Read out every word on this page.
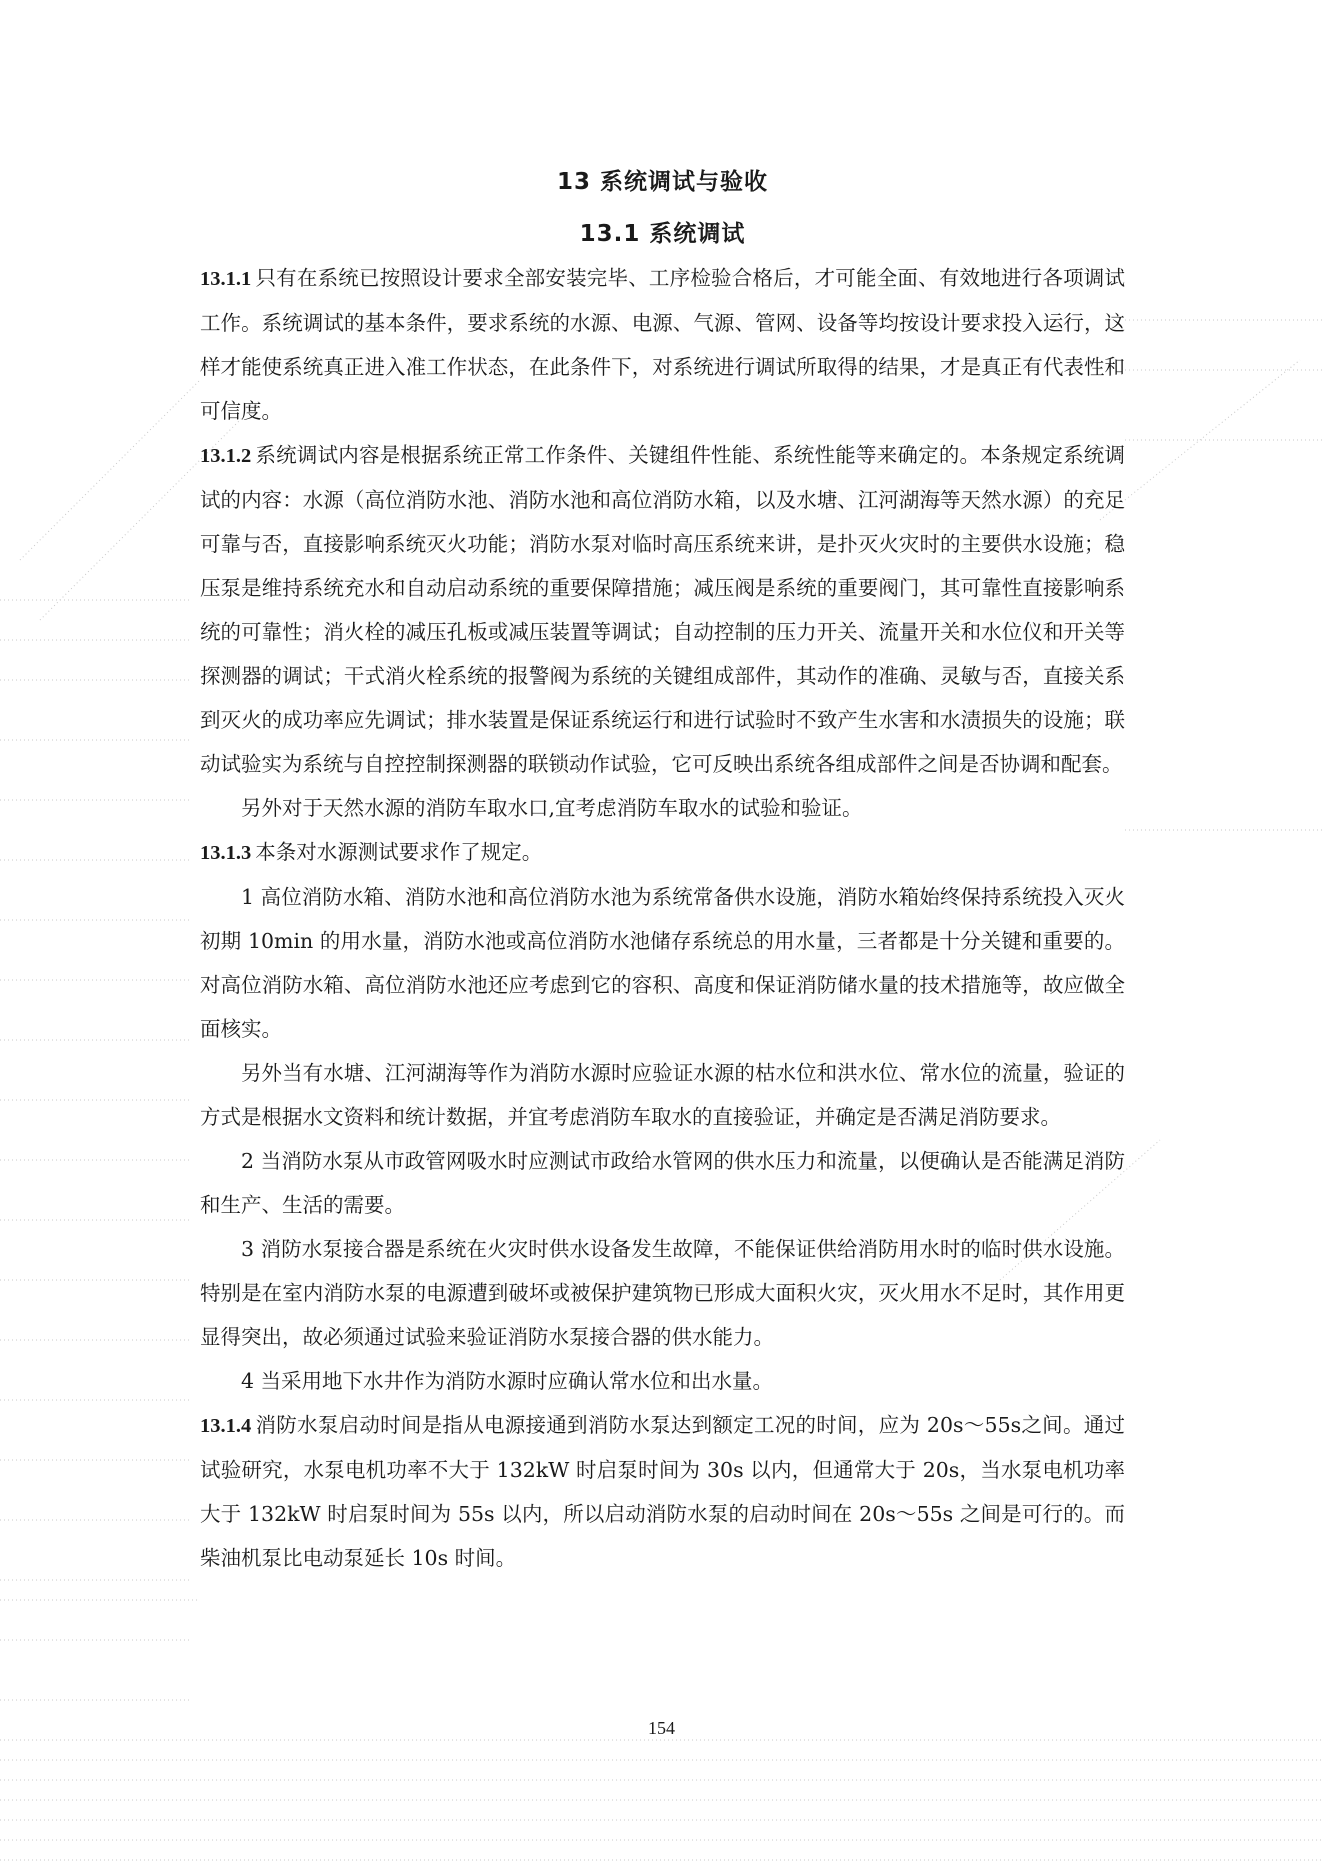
13 系统调试与验收
13.1 系统调试

13.1.1 只有在系统已按照设计要求全部安装完毕、工序检验合格后，才可能全面、有效地进行各项调试工作。系统调试的基本条件，要求系统的水源、电源、气源、管网、设备等均按设计要求投入运行，这样才能使系统真正进入准工作状态，在此条件下，对系统进行调试所取得的结果，才是真正有代表性和可信度。

13.1.2 系统调试内容是根据系统正常工作条件、关键组件性能、系统性能等来确定的。本条规定系统调试的内容：水源（高位消防水池、消防水池和高位消防水箱，以及水塘、江河湖海等天然水源）的充足可靠与否，直接影响系统灭火功能；消防水泵对临时高压系统来讲，是扑灭火灾时的主要供水设施；稳压泵是维持系统充水和自动启动系统的重要保障措施；减压阀是系统的重要阀门，其可靠性直接影响系统的可靠性；消火栓的减压孔板或减压装置等调试；自动控制的压力开关、流量开关和水位仪和开关等探测器的调试；干式消火栓系统的报警阀为系统的关键组成部件，其动作的准确、灵敏与否，直接关系到灭火的成功率应先调试；排水装置是保证系统运行和进行试验时不致产生水害和水渍损失的设施；联动试验实为系统与自控控制探测器的联锁动作试验，它可反映出系统各组成部件之间是否协调和配套。

另外对于天然水源的消防车取水口,宜考虑消防车取水的试验和验证。

13.1.3 本条对水源测试要求作了规定。

1 高位消防水箱、消防水池和高位消防水池为系统常备供水设施，消防水箱始终保持系统投入灭火初期 10min 的用水量，消防水池或高位消防水池储存系统总的用水量，三者都是十分关键和重要的。对高位消防水箱、高位消防水池还应考虑到它的容积、高度和保证消防储水量的技术措施等，故应做全面核实。

另外当有水塘、江河湖海等作为消防水源时应验证水源的枯水位和洪水位、常水位的流量，验证的方式是根据水文资料和统计数据，并宜考虑消防车取水的直接验证，并确定是否满足消防要求。

2 当消防水泵从市政管网吸水时应测试市政给水管网的供水压力和流量，以便确认是否能满足消防和生产、生活的需要。

3 消防水泵接合器是系统在火灾时供水设备发生故障，不能保证供给消防用水时的临时供水设施。特别是在室内消防水泵的电源遭到破坏或被保护建筑物已形成大面积火灾，灭火用水不足时，其作用更显得突出，故必须通过试验来验证消防水泵接合器的供水能力。

4 当采用地下水井作为消防水源时应确认常水位和出水量。

13.1.4 消防水泵启动时间是指从电源接通到消防水泵达到额定工况的时间，应为 20s～55s之间。通过试验研究，水泵电机功率不大于 132kW 时启泵时间为 30s 以内，但通常大于 20s，当水泵电机功率大于 132kW 时启泵时间为 55s 以内，所以启动消防水泵的启动时间在 20s～55s 之间是可行的。而柴油机泵比电动泵延长 10s 时间。

154
